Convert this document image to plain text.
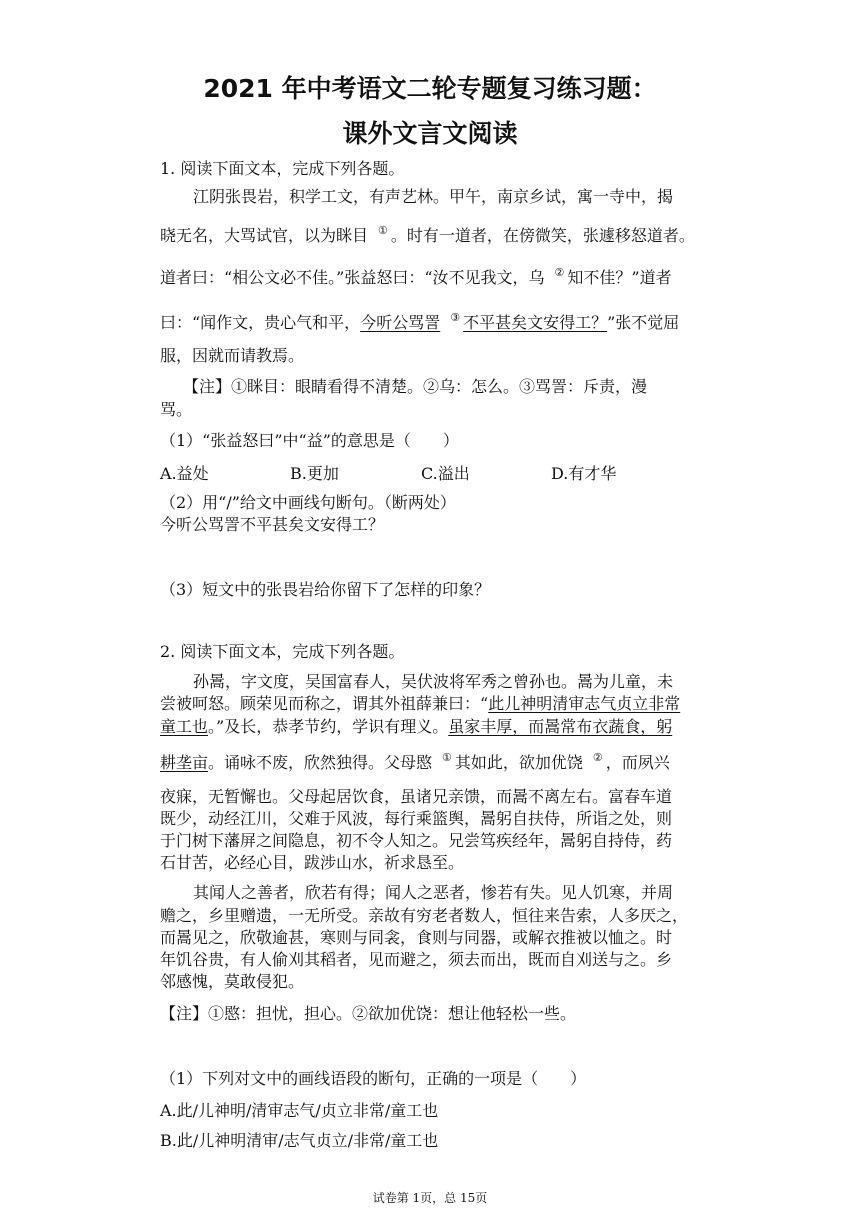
2021 年中考语文二轮专题复习练习题：
课外文言文阅读
1. 阅读下面文本，完成下列各题。
江阴张畏岩，积学工文，有声艺林。甲午，南京乡试，寓一寺中，揭
晓无名，大骂试官，以为眯目 ① 。时有一道者，在傍微笑，张遽移怒道者。
道者曰：“相公文必不佳。”张益怒曰：“汝不见我文，乌 ② 知不佳？”道者
曰：“闻作文，贵心气和平，今听公骂詈 ③ 不平甚矣文安得工？”张不觉屈
服，因就而请教焉。
【注】①眯目：眼睛看得不清楚。②乌：怎么。③骂詈：斥责，漫
骂。
（1）“张益怒曰”中“益”的意思是（　　）
A.益处	B.更加	C.溢出	D.有才华
（2）用“/”给文中画线句断句。（断两处）
今听公骂詈不平甚矣文安得工？
（3）短文中的张畏岩给你留下了怎样的印象？
2. 阅读下面文本，完成下列各题。
孙暠，字文度，吴国富春人，吴伏波将军秀之曾孙也。暠为儿童，未
尝被呵怒。顾荣见而称之，谓其外祖薛兼曰：“此儿神明清审志气贞立非常
童工也。”及长，恭孝节约，学识有理义。虽家丰厚，而暠常布衣蔬食，躬
耕垄亩。诵咏不废，欣然独得。父母愍 ① 其如此，欲加优饶 ② ，而夙兴
夜寐，无暂懈也。父母起居饮食，虽诸兄亲馈，而暠不离左右。富春车道
既少，动经江川，父难于风波，每行乘篮舆，暠躬自扶侍，所诣之处，则
于门树下藩屏之间隐息，初不令人知之。兄尝笃疾经年，暠躬自持侍，药
石甘苦，必经心目，跋涉山水，祈求恳至。
其闻人之善者，欣若有得；闻人之恶者，惨若有失。见人饥寒，并周
赡之，乡里赠遗，一无所受。亲故有穷老者数人，恒往来告索，人多厌之，
而暠见之，欣敬逾甚，寒则与同衾，食则与同器，或解衣推被以恤之。时
年饥谷贵，有人偷刈其稻者，见而避之，须去而出，既而自刈送与之。乡
邻感愧，莫敢侵犯。
【注】①愍：担忧，担心。②欲加优饶：想让他轻松一些。
（1）下列对文中的画线语段的断句，正确的一项是（　　）
A.此/儿神明/清审志气/贞立非常/童工也
B.此/儿神明清审/志气贞立/非常/童工也
试卷第 1页，总 15页
